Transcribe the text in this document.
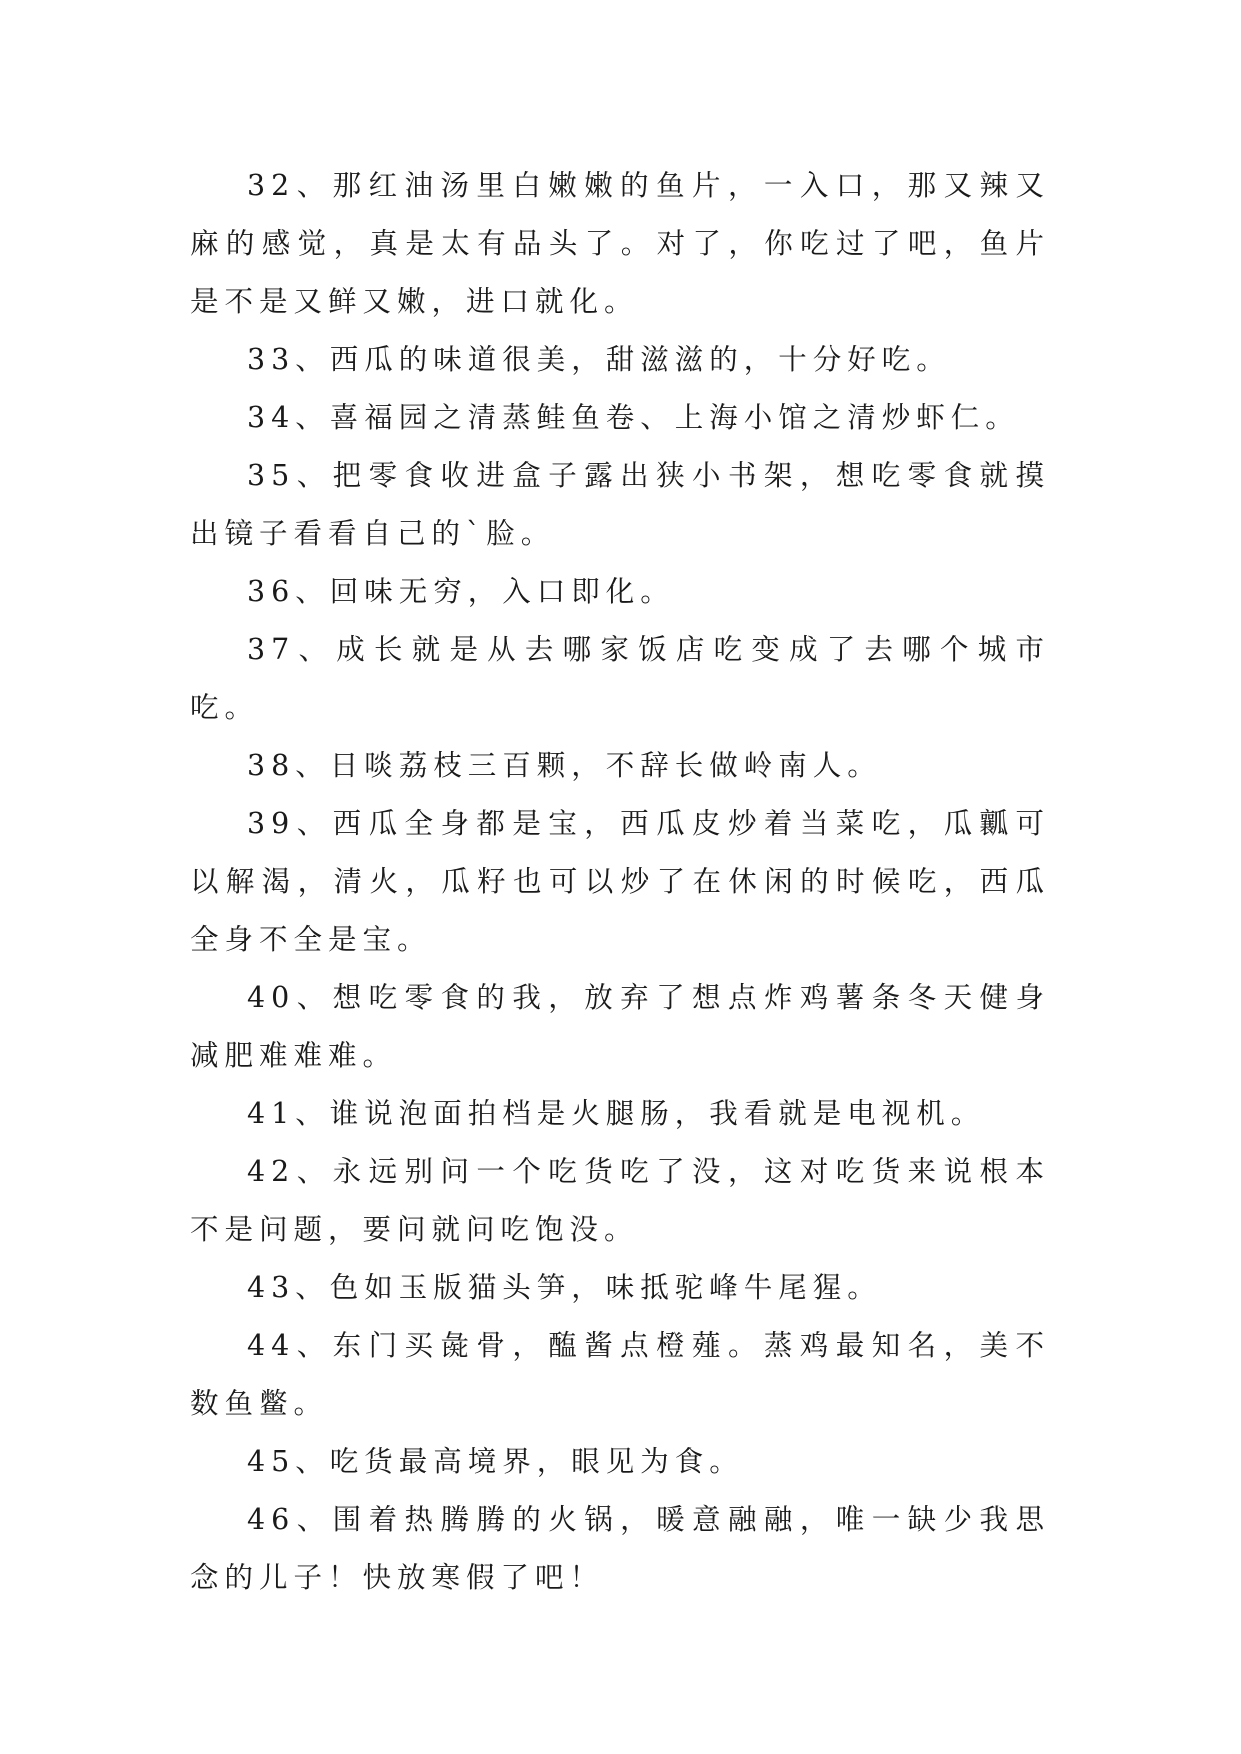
32、那红油汤里白嫩嫩的鱼片，一入口，那又辣又麻的感觉，真是太有品头了。对了，你吃过了吧，鱼片是不是又鲜又嫩，进口就化。

33、西瓜的味道很美，甜滋滋的，十分好吃。

34、喜福园之清蒸鲑鱼卷、上海小馆之清炒虾仁。

35、把零食收进盒子露出狭小书架，想吃零食就摸出镜子看看自己的`脸。

36、回味无穷，入口即化。

37、成长就是从去哪家饭店吃变成了去哪个城市吃。

38、日啖荔枝三百颗，不辞长做岭南人。

39、西瓜全身都是宝，西瓜皮炒着当菜吃，瓜瓤可以解渴，清火，瓜籽也可以炒了在休闲的时候吃，西瓜全身不全是宝。

40、想吃零食的我，放弃了想点炸鸡薯条冬天健身减肥难难难。

41、谁说泡面拍档是火腿肠，我看就是电视机。

42、永远别问一个吃货吃了没，这对吃货来说根本不是问题，要问就问吃饱没。

43、色如玉版猫头笋，味抵驼峰牛尾猩。

44、东门买彘骨，醢酱点橙薤。蒸鸡最知名，美不数鱼鳖。

45、吃货最高境界，眼见为食。

46、围着热腾腾的火锅，暖意融融，唯一缺少我思念的儿子！快放寒假了吧！
